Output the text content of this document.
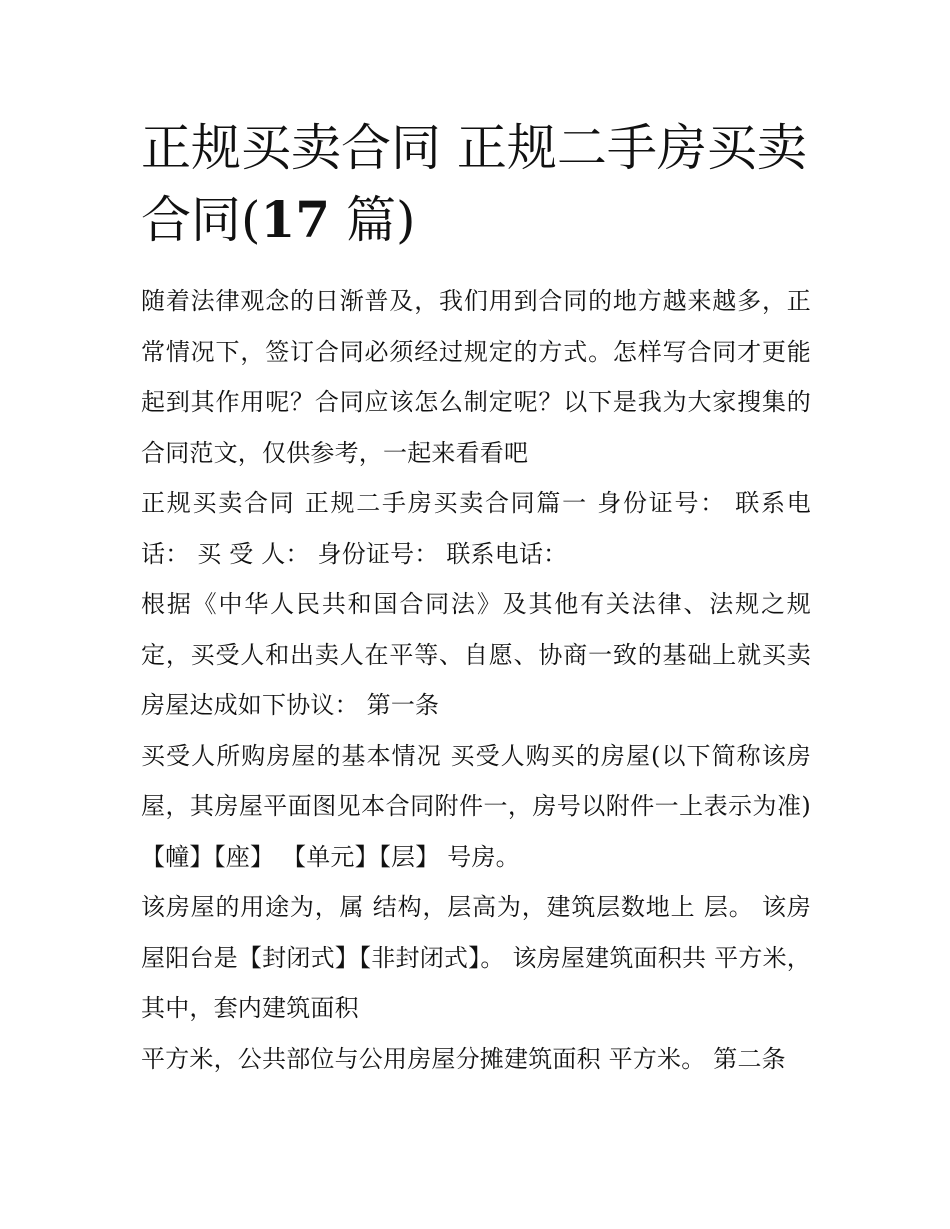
正规买卖合同 正规二手房买卖合同(17 篇)

随着法律观念的日渐普及，我们用到合同的地方越来越多，正常情况下，签订合同必须经过规定的方式。怎样写合同才更能起到其作用呢？合同应该怎么制定呢？以下是我为大家搜集的合同范文，仅供参考，一起来看看吧

正规买卖合同 正规二手房买卖合同篇一 身份证号： 联系电话： 买 受 人： 身份证号： 联系电话：

根据《中华人民共和国合同法》及其他有关法律、法规之规定，买受人和出卖人在平等、自愿、协商一致的基础上就买卖房屋达成如下协议： 第一条

买受人所购房屋的基本情况 买受人购买的房屋(以下简称该房屋，其房屋平面图见本合同附件一，房号以附件一上表示为准) 【幢】【座】 【单元】【层】 号房。

该房屋的用途为，属 结构，层高为，建筑层数地上 层。 该房屋阳台是【封闭式】【非封闭式】。 该房屋建筑面积共 平方米，其中，套内建筑面积

平方米，公共部位与公用房屋分摊建筑面积 平方米。 第二条
